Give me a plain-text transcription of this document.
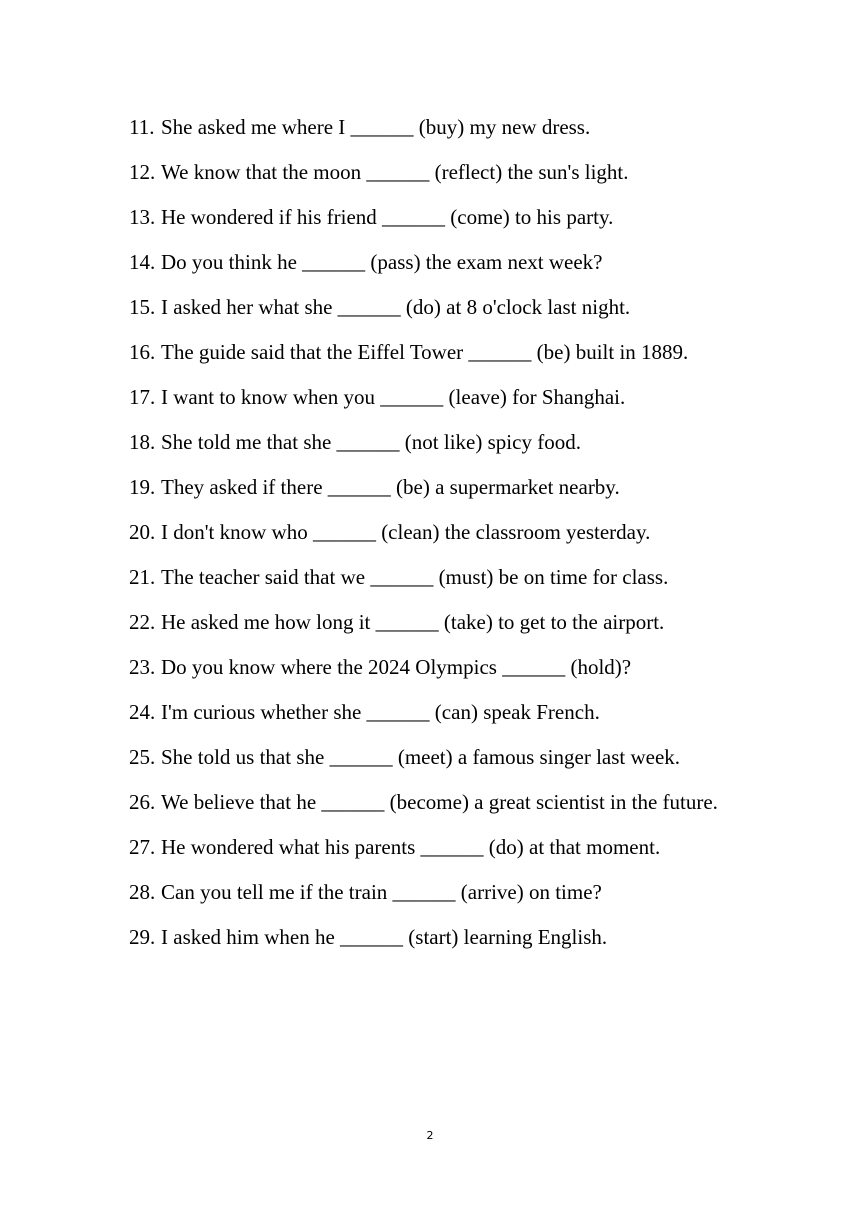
11. She asked me where I ______ (buy) my new dress.
12. We know that the moon ______ (reflect) the sun's light.
13. He wondered if his friend ______ (come) to his party.
14. Do you think he ______ (pass) the exam next week?
15. I asked her what she ______ (do) at 8 o'clock last night.
16. The guide said that the Eiffel Tower ______ (be) built in 1889.
17. I want to know when you ______ (leave) for Shanghai.
18. She told me that she ______ (not like) spicy food.
19. They asked if there ______ (be) a supermarket nearby.
20. I don't know who ______ (clean) the classroom yesterday.
21. The teacher said that we ______ (must) be on time for class.
22. He asked me how long it ______ (take) to get to the airport.
23. Do you know where the 2024 Olympics ______ (hold)?
24. I'm curious whether she ______ (can) speak French.
25. She told us that she ______ (meet) a famous singer last week.
26. We believe that he ______ (become) a great scientist in the future.
27. He wondered what his parents ______ (do) at that moment.
28. Can you tell me if the train ______ (arrive) on time?
29. I asked him when he ______ (start) learning English.
2
